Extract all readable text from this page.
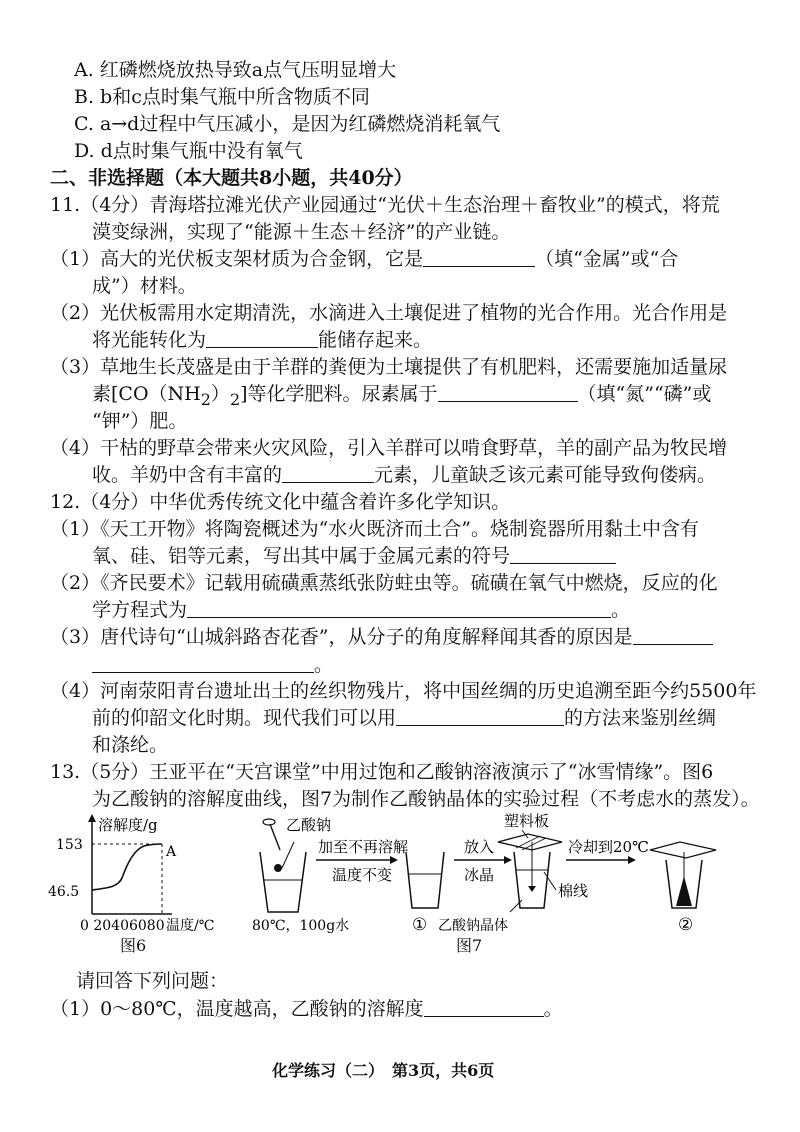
A. 红磷燃烧放热导致a点气压明显增大
B. b和c点时集气瓶中所含物质不同
C. a→d过程中气压减小，是因为红磷燃烧消耗氧气
D. d点时集气瓶中没有氧气
二、非选择题（本大题共8小题，共40分）
11.（4分）青海塔拉滩光伏产业园通过“光伏＋生态治理＋畜牧业”的模式，将荒
漠变绿洲，实现了“能源＋生态＋经济”的产业链。
（1）高大的光伏板支架材质为合金钢，它是	（填“金属”或“合
成”）材料。
（2）光伏板需用水定期清洗，水滴进入土壤促进了植物的光合作用。光合作用是
将光能转化为	能储存起来。
（3）草地生长茂盛是由于羊群的粪便为土壤提供了有机肥料，还需要施加适量尿
素$[CO(NH_2)_2]$等化学肥料。尿素属于	（填“氮”“磷”或
“钾”）肥。
（4）干枯的野草会带来火灾风险，引入羊群可以啃食野草，羊的副产品为牧民增
收。羊奶中含有丰富的	元素，儿童缺乏该元素可能导致佝偻病。
12.（4分）中华优秀传统文化中蕴含着许多化学知识。
（1）《天工开物》将陶瓷概述为“水火既济而土合”。烧制瓷器所用黏土中含有
氧、硅、铝等元素，写出其中属于金属元素的符号
（2）《齐民要术》记载用硫磺熏蒸纸张防蛀虫等。硫磺在氧气中燃烧，反应的化
学方程式为	。
（3）唐代诗句“山城斜路杏花香”，从分子的角度解释闻其香的原因是
。
（4）河南荥阳青台遗址出土的丝织物残片，将中国丝绸的历史追溯至距今约5500年
前的仰韶文化时期。现代我们可以用	的方法来鉴别丝绸
和涤纶。
13.（5分）王亚平在“天宫课堂”中用过饱和乙酸钠溶液演示了“冰雪情缘”。图6
为乙酸钠的溶解度曲线，图7为制作乙酸钠晶体的实验过程（不考虑水的蒸发）。
溶解度/g
153
46.5
A
0 20406080 温度/℃
图6
乙酸钠
加至不再溶解
温度不变
80℃，100g水	①
放入
冰晶
乙酸钠晶体
塑料板
棉线
冷却到20℃
②
图7
请回答下列问题：
（1）0～80℃，温度越高，乙酸钠的溶解度	。
化学练习（二）　第3页，共6页
